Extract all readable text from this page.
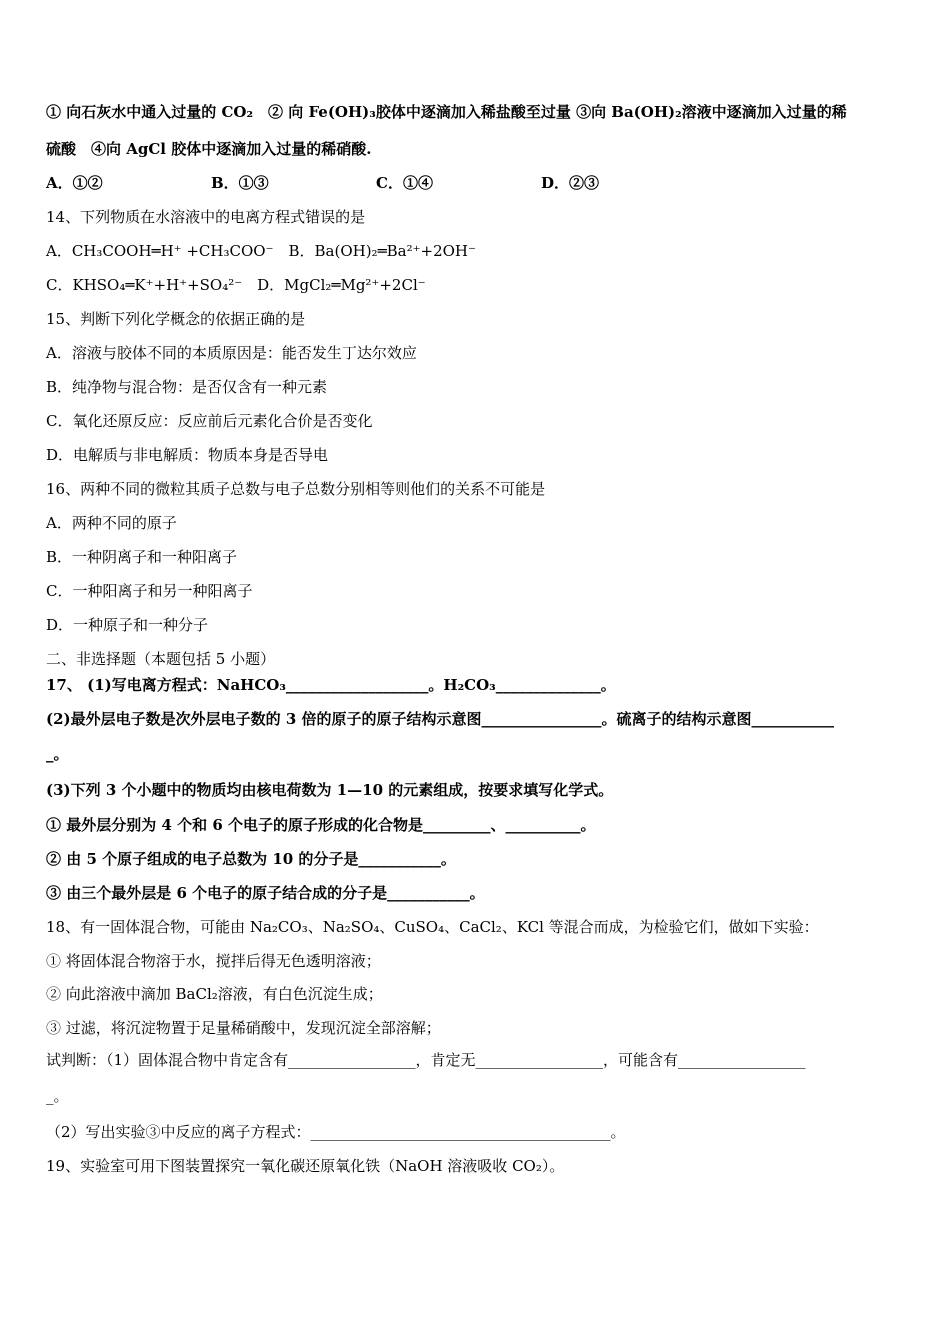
① 向石灰水中通入过量的 CO₂　② 向 Fe(OH)₃胶体中逐滴加入稀盐酸至过量 ③向 Ba(OH)₂溶液中逐滴加入过量的稀
硫酸　④向 AgCl 胶体中逐滴加入过量的稀硝酸.
A．①②	B．①③	C．①④	D．②③
14、下列物质在水溶液中的电离方程式错误的是
A．CH₃COOH═H⁺ +CH₃COO⁻　B．Ba(OH)₂═Ba²⁺+2OH⁻
C．KHSO₄═K⁺+H⁺+SO₄²⁻　D．MgCl₂═Mg²⁺+2Cl⁻
15、判断下列化学概念的依据正确的是
A．溶液与胶体不同的本质原因是：能否发生丁达尔效应
B．纯净物与混合物：是否仅含有一种元素
C．氧化还原反应：反应前后元素化合价是否变化
D．电解质与非电解质：物质本身是否导电
16、两种不同的微粒其质子总数与电子总数分别相等则他们的关系不可能是
A．两种不同的原子
B．一种阴离子和一种阳离子
C．一种阳离子和另一种阳离子
D．一种原子和一种分子
二、非选择题（本题包括 5 小题）
17、 (1)写电离方程式：NaHCO₃___________________。H₂CO₃______________。
(2)最外层电子数是次外层电子数的 3 倍的原子的原子结构示意图________________。硫离子的结构示意图___________
_。
(3)下列 3 个小题中的物质均由核电荷数为 1—10 的元素组成，按要求填写化学式。
① 最外层分别为 4 个和 6 个电子的原子形成的化合物是_________、__________。
② 由 5 个原子组成的电子总数为 10 的分子是___________。
③ 由三个最外层是 6 个电子的原子结合成的分子是___________。
18、有一固体混合物，可能由 Na₂CO₃、Na₂SO₄、CuSO₄、CaCl₂、KCl 等混合而成，为检验它们，做如下实验：
① 将固体混合物溶于水，搅拌后得无色透明溶液；
② 向此溶液中滴加 BaCl₂溶液，有白色沉淀生成；
③ 过滤，将沉淀物置于足量稀硝酸中，发现沉淀全部溶解；
试判断：（1）固体混合物中肯定含有_________________，肯定无_________________，可能含有_________________
_。
（2）写出实验③中反应的离子方程式：________________________________________。
19、实验室可用下图装置探究一氧化碳还原氧化铁（NaOH 溶液吸收 CO₂）。
